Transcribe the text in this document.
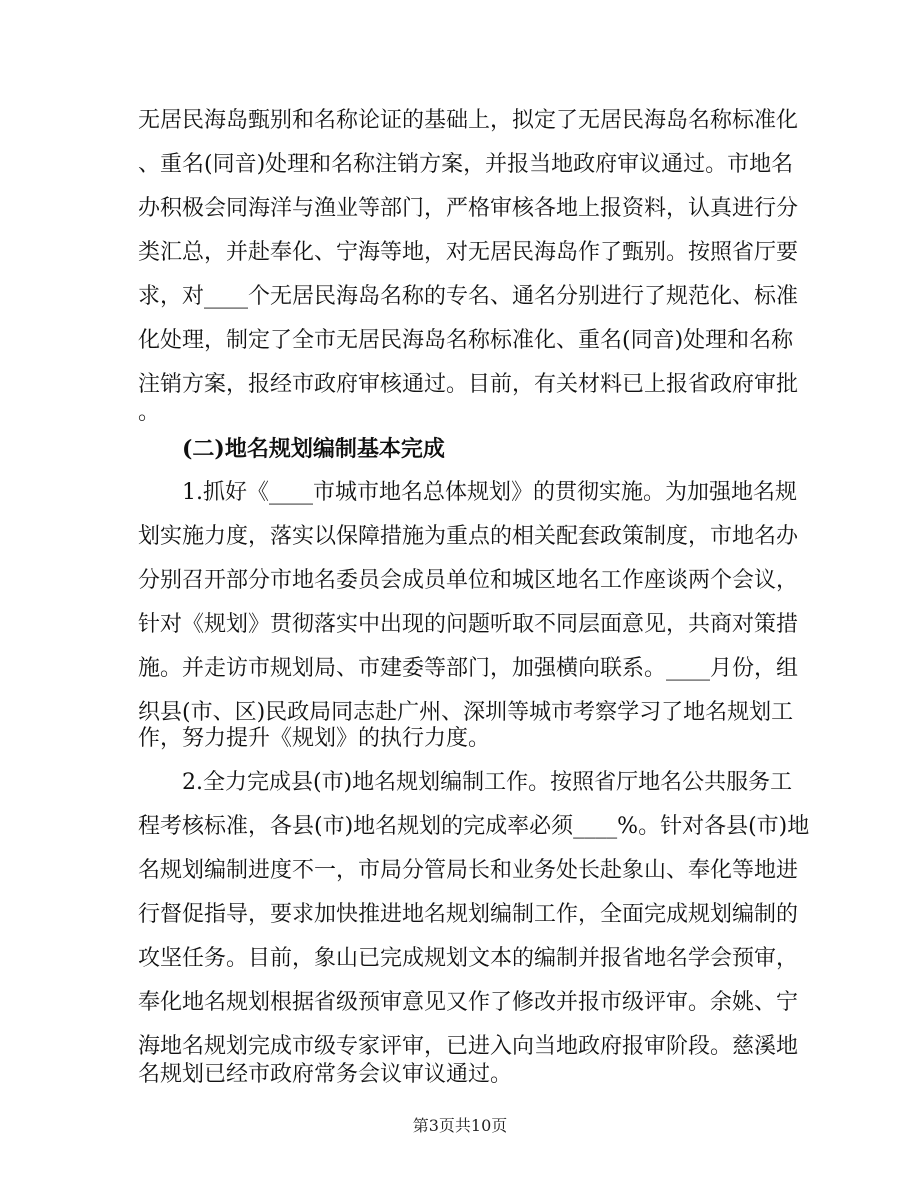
无居民海岛甄别和名称论证的基础上，拟定了无居民海岛名称标准化
、重名(同音)处理和名称注销方案，并报当地政府审议通过。市地名
办积极会同海洋与渔业等部门，严格审核各地上报资料，认真进行分
类汇总，并赴奉化、宁海等地，对无居民海岛作了甄别。按照省厅要
求，对____个无居民海岛名称的专名、通名分别进行了规范化、标准
化处理，制定了全市无居民海岛名称标准化、重名(同音)处理和名称
注销方案，报经市政府审核通过。目前，有关材料已上报省政府审批
。
(二)地名规划编制基本完成
1.抓好《____市城市地名总体规划》的贯彻实施。为加强地名规
划实施力度，落实以保障措施为重点的相关配套政策制度，市地名办
分别召开部分市地名委员会成员单位和城区地名工作座谈两个会议，
针对《规划》贯彻落实中出现的问题听取不同层面意见，共商对策措
施。并走访市规划局、市建委等部门，加强横向联系。____月份，组
织县(市、区)民政局同志赴广州、深圳等城市考察学习了地名规划工
作，努力提升《规划》的执行力度。
2.全力完成县(市)地名规划编制工作。按照省厅地名公共服务工
程考核标准，各县(市)地名规划的完成率必须____%。针对各县(市)地
名规划编制进度不一，市局分管局长和业务处长赴象山、奉化等地进
行督促指导，要求加快推进地名规划编制工作，全面完成规划编制的
攻坚任务。目前，象山已完成规划文本的编制并报省地名学会预审，
奉化地名规划根据省级预审意见又作了修改并报市级评审。余姚、宁
海地名规划完成市级专家评审，已进入向当地政府报审阶段。慈溪地
名规划已经市政府常务会议审议通过。
第3页共10页
